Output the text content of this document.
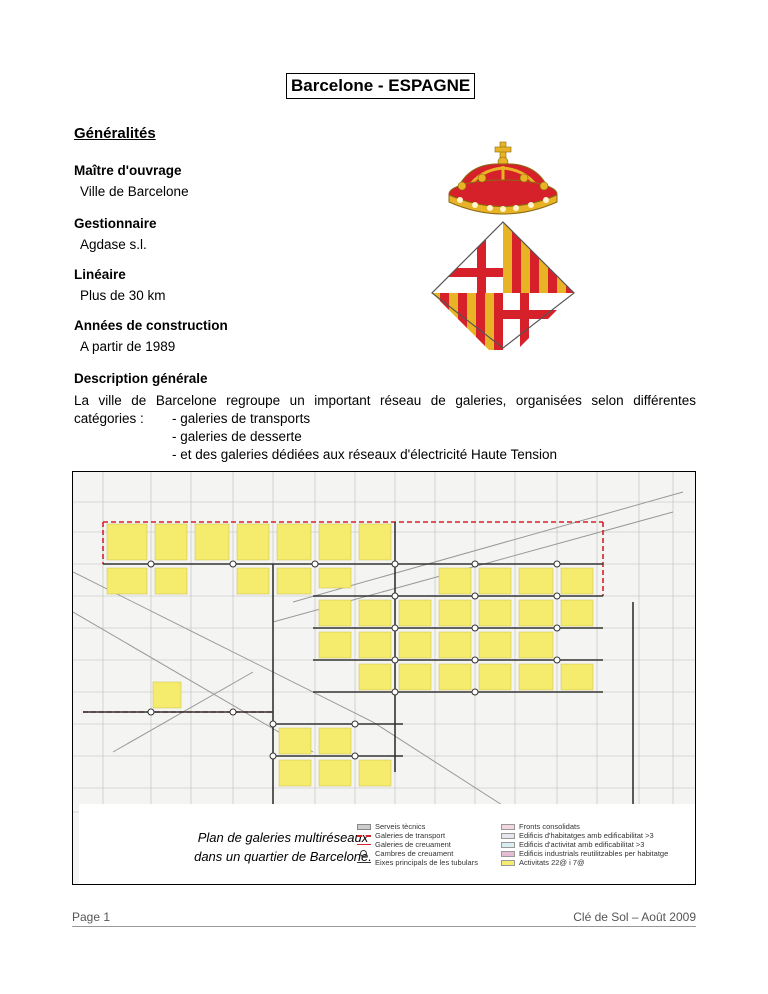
Barcelone - ESPAGNE
Généralités
Maître d'ouvrage
Ville de Barcelone
Gestionnaire
Agdase s.l.
Linéaire
Plus de 30 km
Années de construction
A partir de 1989
Description générale
La ville de Barcelone regroupe un important réseau de galeries, organisées selon différentes
catégories :	- galeries de transports
- galeries de desserte
- et des galeries dédiées aux réseaux d'électricité Haute Tension
Plan de galeries multiréseaux
dans un quartier de Barcelone.
Serveis tècnics
Galeries de transport
Galeries de creuament
Cambres de creuament
Eixes principals de les tubulars
Fronts consolidats
Edificis d'habitatges amb edificabilitat >3
Edificis d'activitat amb edificabilitat >3
Edificis industrials reutilitzables per habitatge
Activitats 22@ i 7@
Page 1	Clé de Sol – Août 2009
